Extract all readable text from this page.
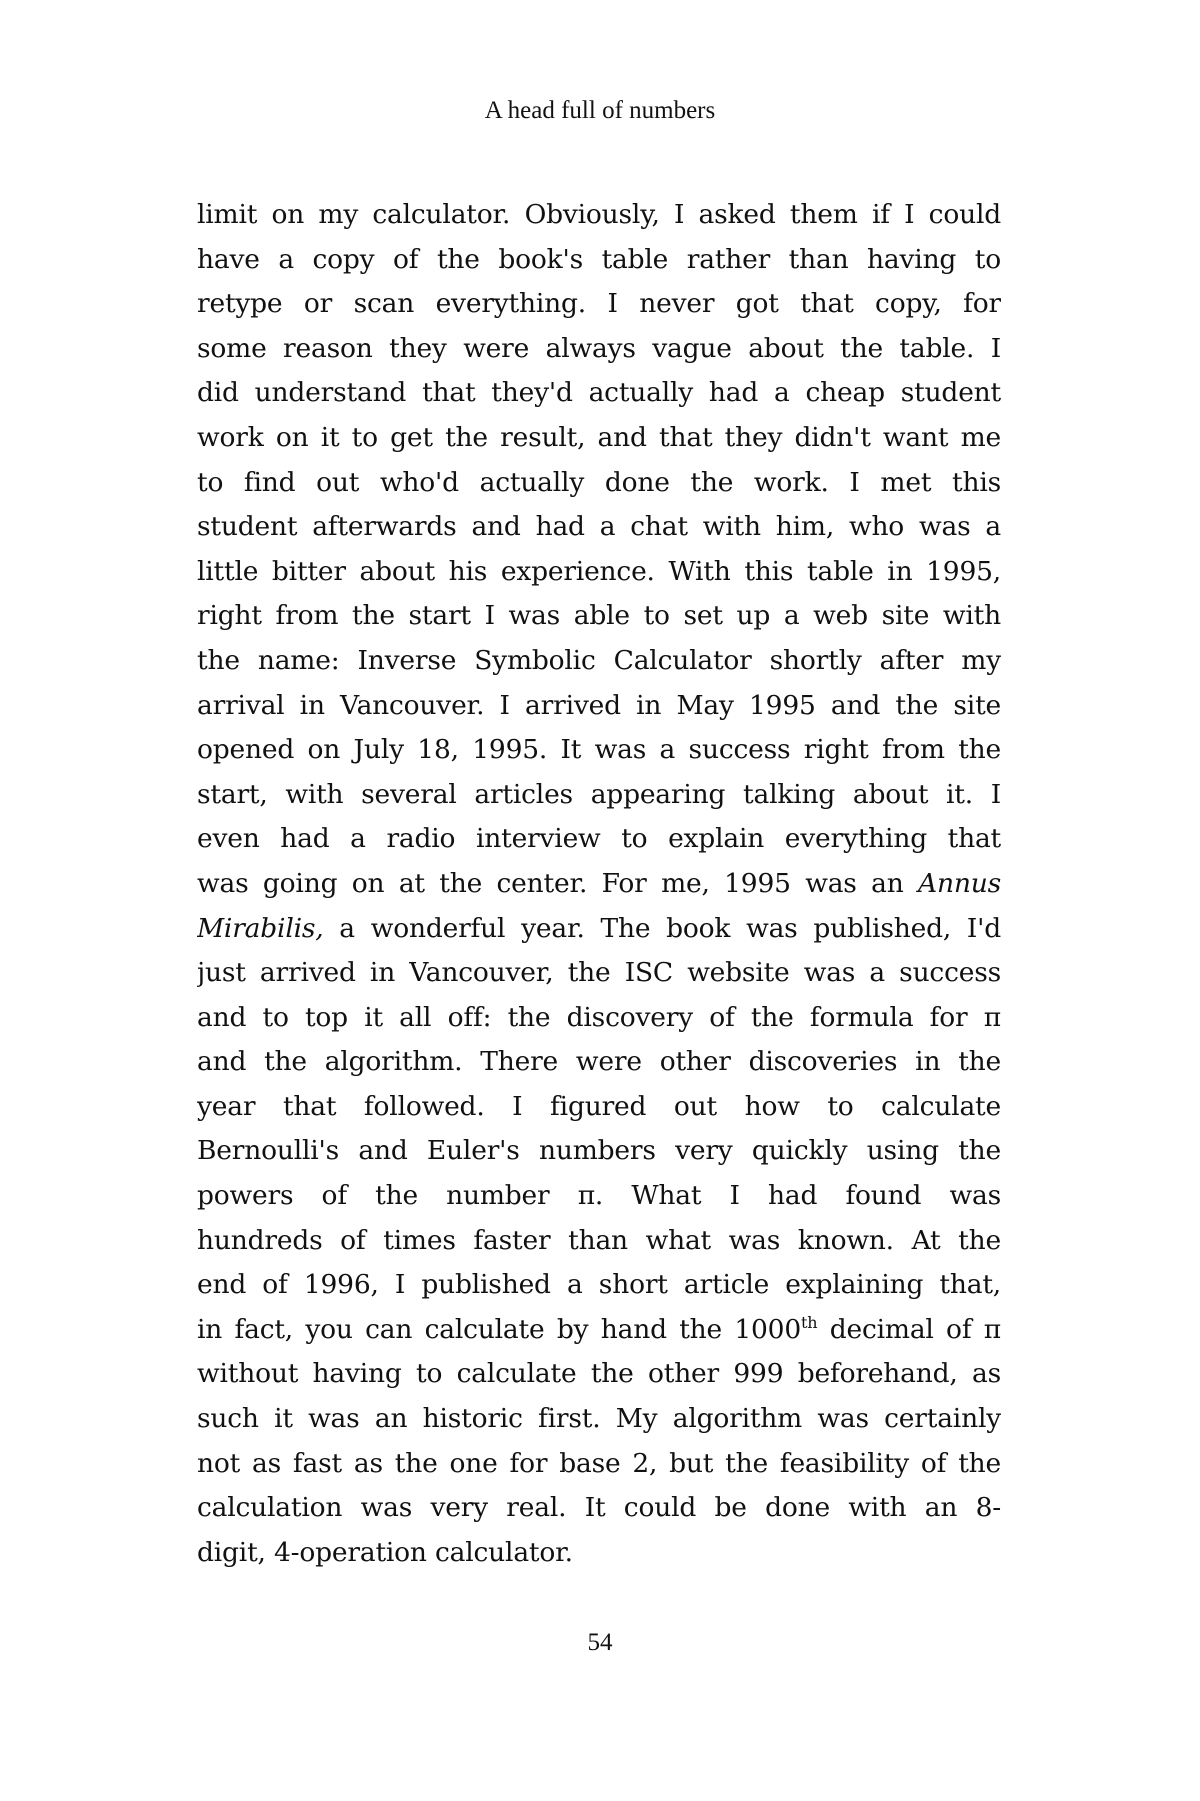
A head full of numbers
limit on my calculator. Obviously, I asked them if I could
have a copy of the book's table rather than having to
retype or scan everything. I never got that copy, for
some reason they were always vague about the table. I
did understand that they'd actually had a cheap student
work on it to get the result, and that they didn't want me
to find out who'd actually done the work. I met this
student afterwards and had a chat with him, who was a
little bitter about his experience. With this table in 1995,
right from the start I was able to set up a web site with
the name: Inverse Symbolic Calculator shortly after my
arrival in Vancouver. I arrived in May 1995 and the site
opened on July 18, 1995. It was a success right from the
start, with several articles appearing talking about it. I
even had a radio interview to explain everything that
was going on at the center. For me, 1995 was an Annus
Mirabilis, a wonderful year. The book was published, I'd
just arrived in Vancouver, the ISC website was a success
and to top it all off: the discovery of the formula for π
and the algorithm. There were other discoveries in the
year that followed. I figured out how to calculate
Bernoulli's and Euler's numbers very quickly using the
powers of the number π. What I had found was
hundreds of times faster than what was known. At the
end of 1996, I published a short article explaining that,
in fact, you can calculate by hand the 1000th decimal of π
without having to calculate the other 999 beforehand, as
such it was an historic first. My algorithm was certainly
not as fast as the one for base 2, but the feasibility of the
calculation was very real. It could be done with an 8-
digit, 4-operation calculator.
54
